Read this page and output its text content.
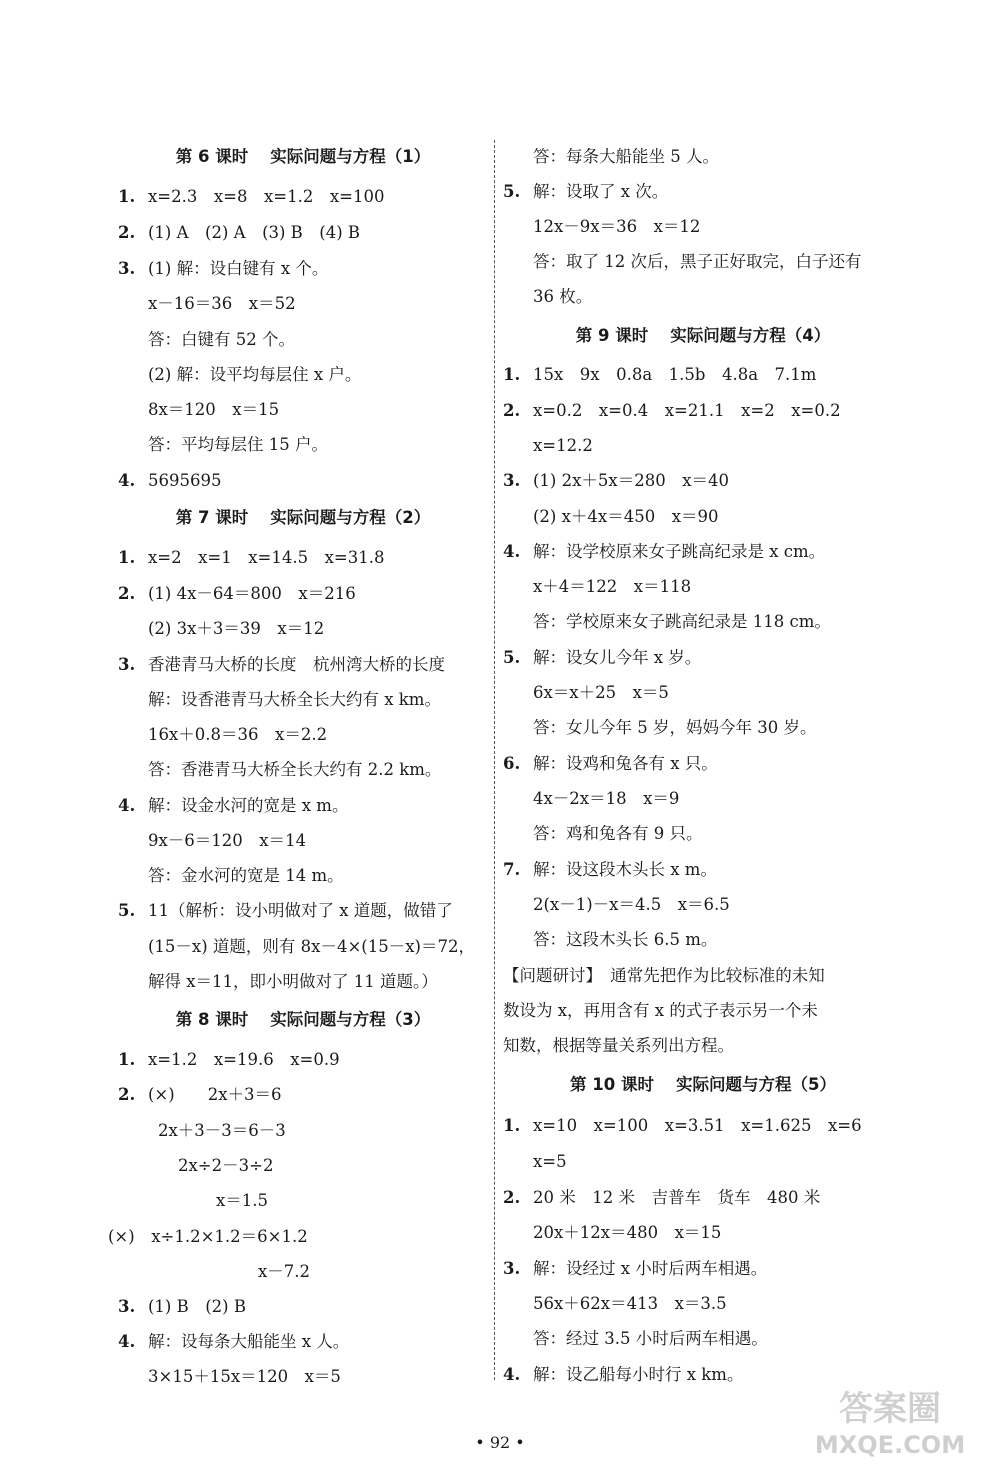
第 6 课时 实际问题与方程（1）
1. x=2.3　x=8　x=1.2　x=100
2. (1) A　(2) A　(3) B　(4) B
3. (1) 解：设白键有 x 个。
x－16＝36　x＝52
答：白键有 52 个。
(2) 解：设平均每层住 x 户。
8x＝120　x＝15
答：平均每层住 15 户。
4. 5695695
第 7 课时 实际问题与方程（2）
1. x=2　x=1　x=14.5　x=31.8
2. (1) 4x－64＝800　x＝216
(2) 3x＋3＝39　x＝12
3. 香港青马大桥的长度　杭州湾大桥的长度
解：设香港青马大桥全长大约有 x km。
16x＋0.8＝36　x＝2.2
答：香港青马大桥全长大约有 2.2 km。
4. 解：设金水河的宽是 x m。
9x－6＝120　x＝14
答：金水河的宽是 14 m。
5. 11（解析：设小明做对了 x 道题，做错了
(15－x) 道题，则有 8x－4×(15－x)＝72，
解得 x＝11，即小明做对了 11 道题。）
第 8 课时 实际问题与方程（3）
1. x=1.2　x=19.6　x=0.9
2. (×)　　2x＋3＝6
2x＋3－3＝6－3
2x÷2－3÷2
x＝1.5
(×)　x÷1.2×1.2＝6×1.2
x－7.2
3. (1) B　(2) B
4. 解：设每条大船能坐 x 人。
3×15＋15x＝120　x＝5
答：每条大船能坐 5 人。
5. 解：设取了 x 次。
12x－9x＝36　x＝12
答：取了 12 次后，黑子正好取完，白子还有
36 枚。
第 9 课时 实际问题与方程（4）
1. 15x　9x　0.8a　1.5b　4.8a　7.1m
2. x=0.2　x=0.4　x=21.1　x=2　x=0.2
x=12.2
3. (1) 2x＋5x＝280　x＝40
(2) x＋4x＝450　x＝90
4. 解：设学校原来女子跳高纪录是 x cm。
x＋4＝122　x＝118
答：学校原来女子跳高纪录是 118 cm。
5. 解：设女儿今年 x 岁。
6x＝x＋25　x＝5
答：女儿今年 5 岁，妈妈今年 30 岁。
6. 解：设鸡和兔各有 x 只。
4x－2x＝18　x＝9
答：鸡和兔各有 9 只。
7. 解：设这段木头长 x m。
2(x－1)－x＝4.5　x＝6.5
答：这段木头长 6.5 m。
【问题研讨】　通常先把作为比较标准的未知
数设为 x，再用含有 x 的式子表示另一个未
知数，根据等量关系列出方程。
第 10 课时 实际问题与方程（5）
1. x=10　x=100　x=3.51　x=1.625　x=6
x=5
2. 20 米　12 米　吉普车　货车　480 米
20x＋12x＝480　x＝15
3. 解：设经过 x 小时后两车相遇。
56x＋62x＝413　x＝3.5
答：经过 3.5 小时后两车相遇。
4. 解：设乙船每小时行 x km。
• 92 •
答案圈
MXQE.COM
